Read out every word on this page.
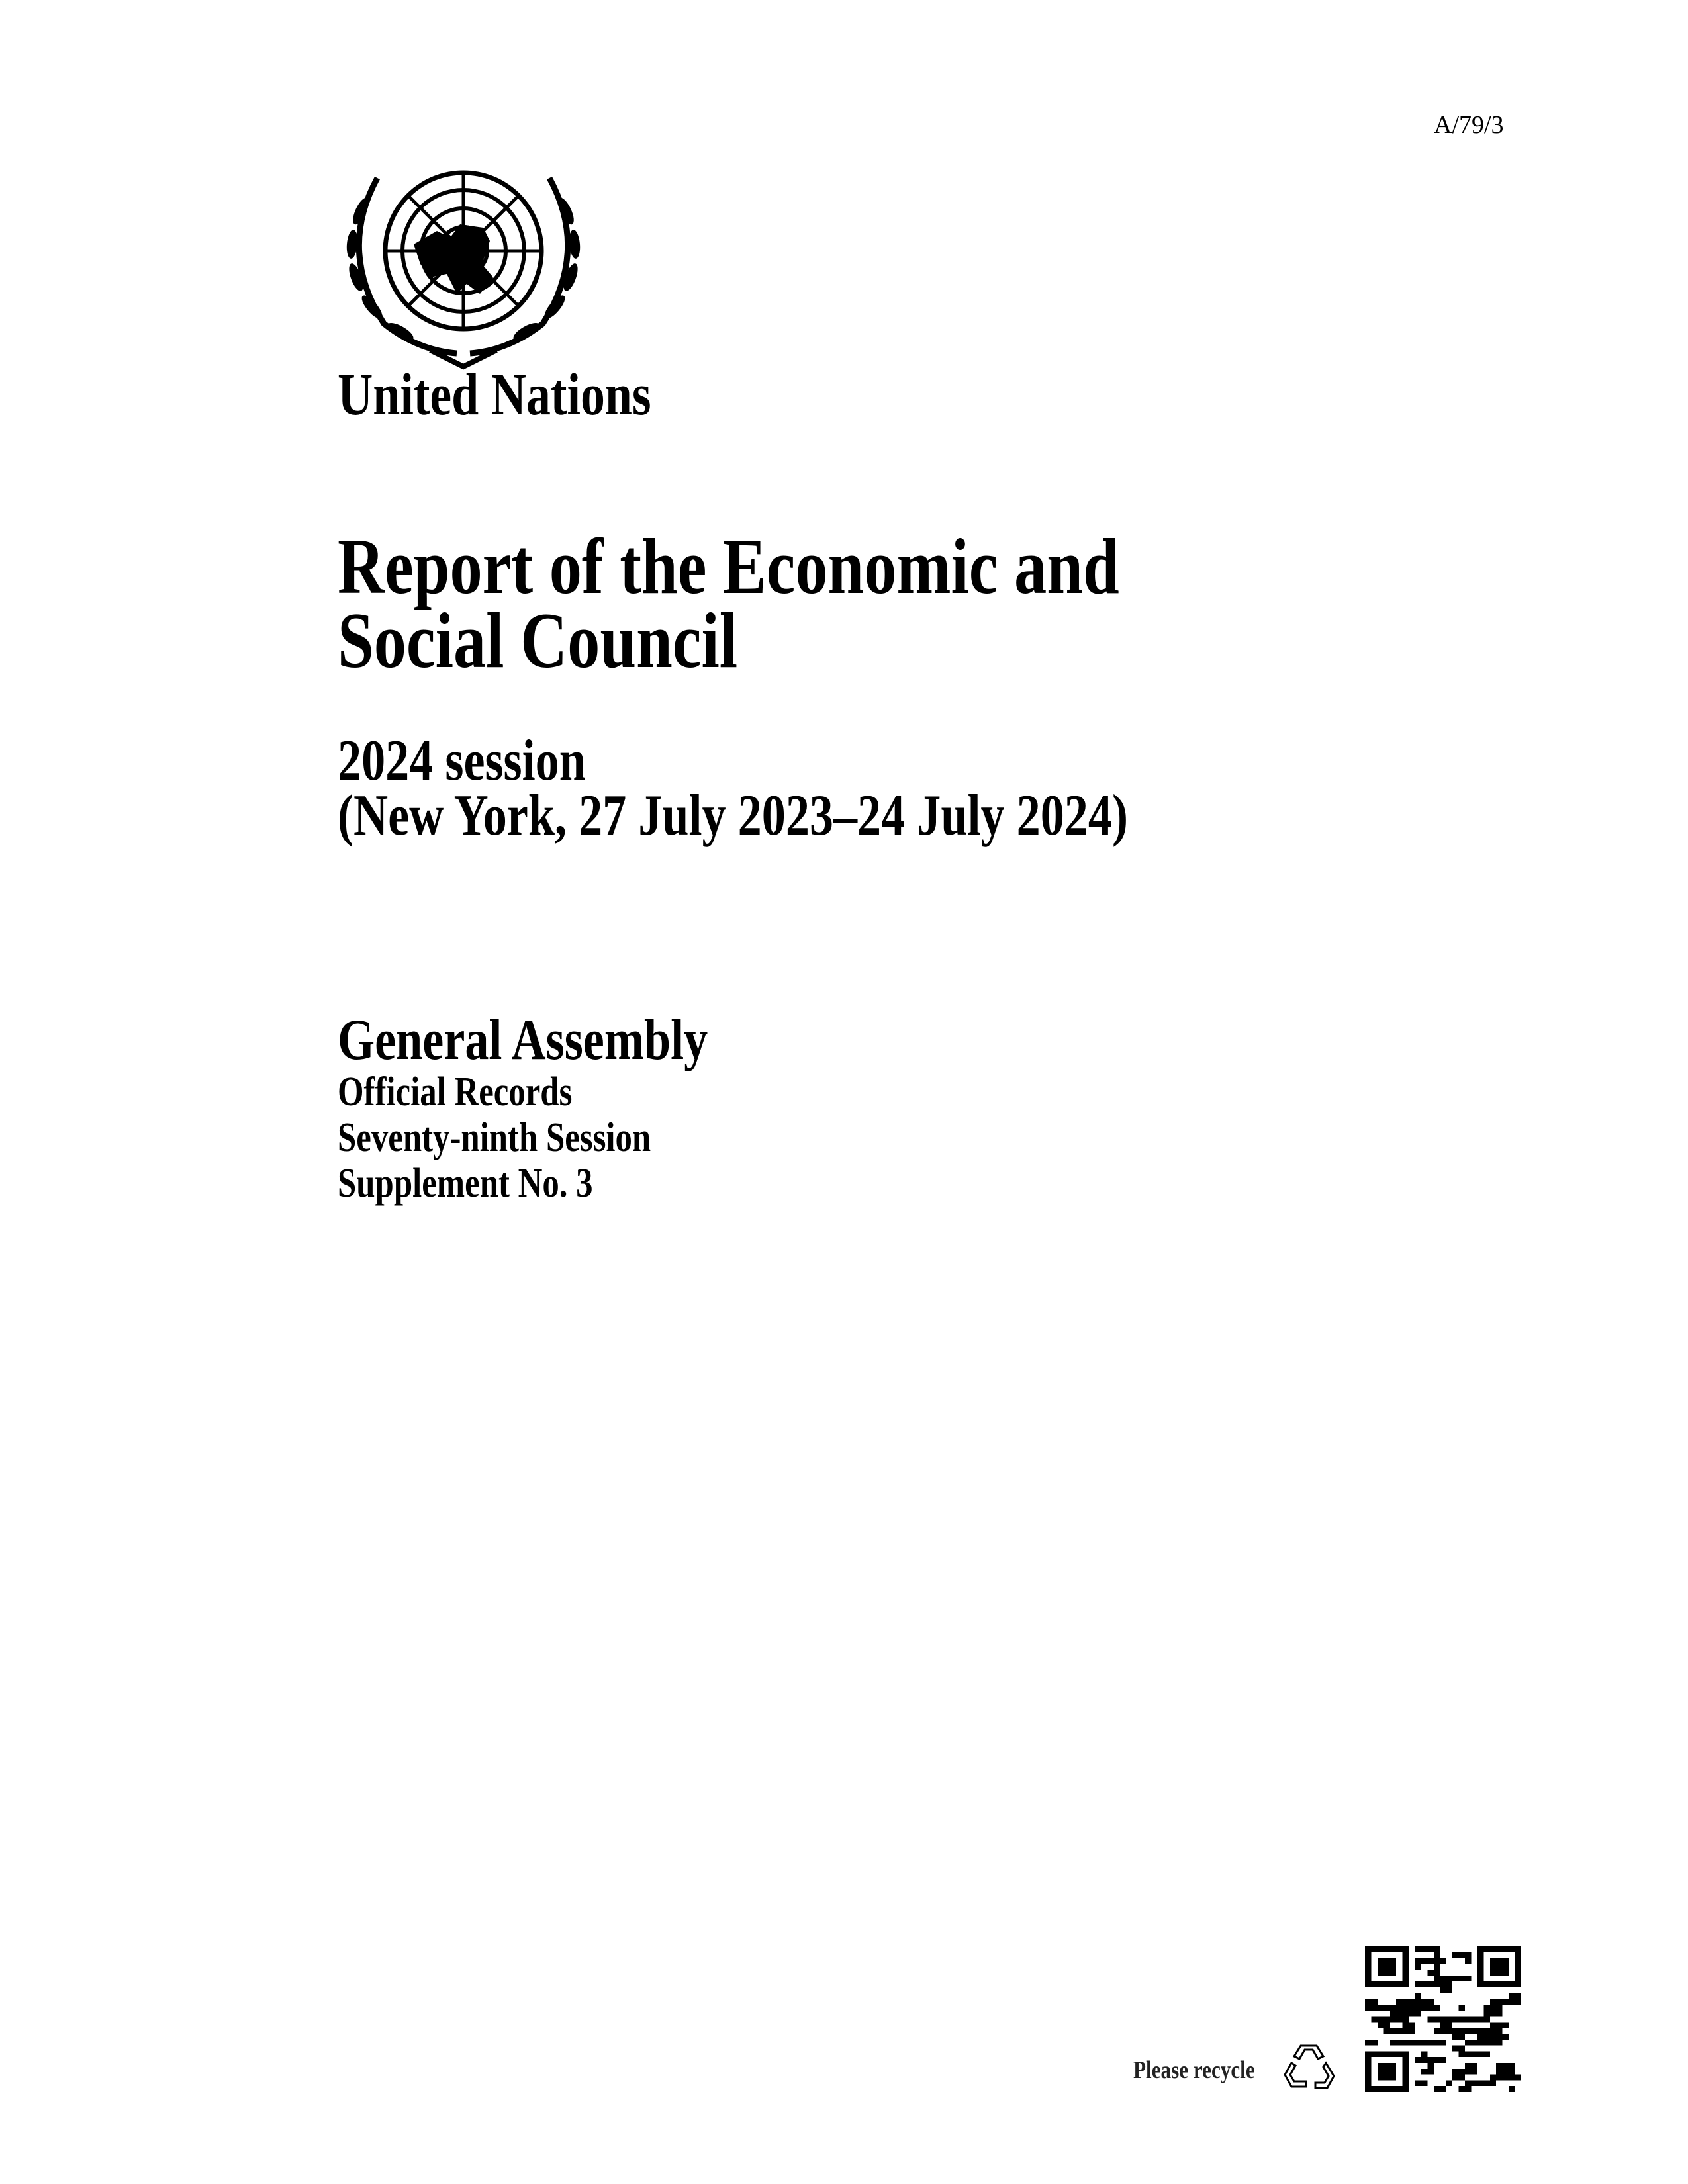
A/79/3
United Nations
Report of the Economic and
Social Council
2024 session
(New York, 27 July 2023–24 July 2024)
General Assembly
Official Records
Seventy-ninth Session
Supplement No. 3
Please recycle
